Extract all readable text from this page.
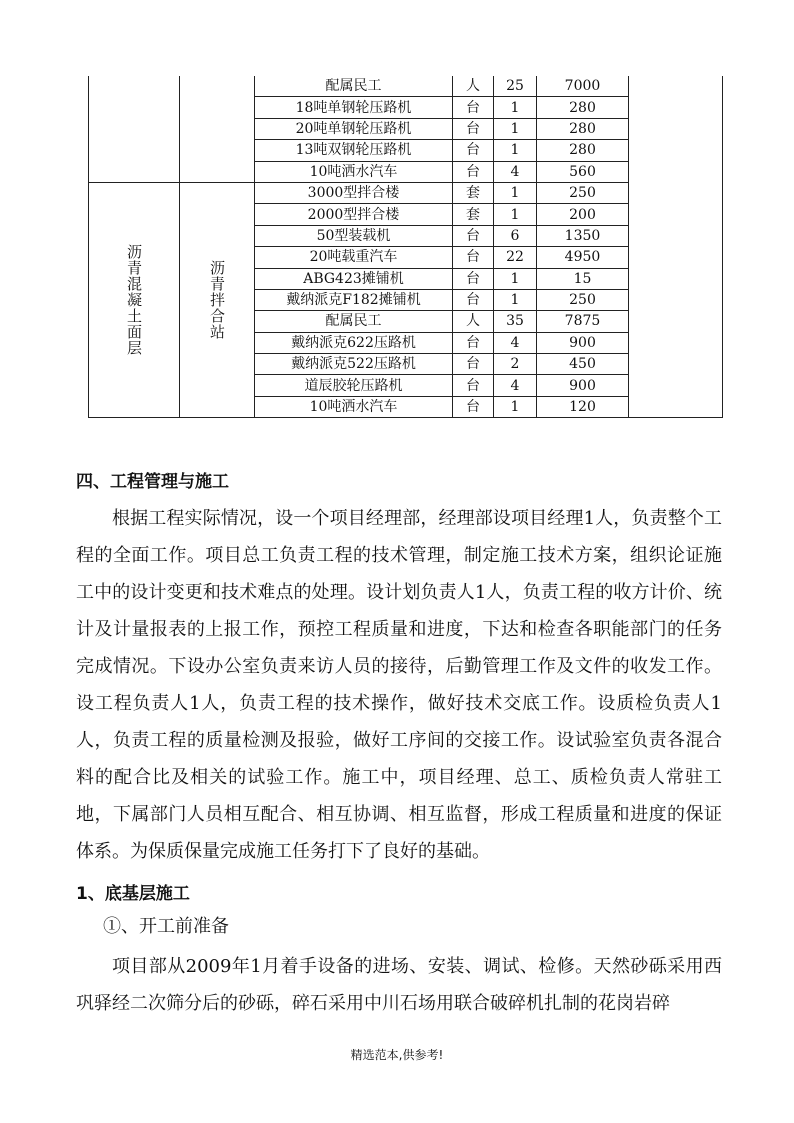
		配属民工	人	25	7000
		18吨单钢轮压路机	台	1	280
		20吨单钢轮压路机	台	1	280
		13吨双钢轮压路机	台	1	280
		10吨洒水汽车	台	4	560
沥青混凝土面层	沥青拌合站	3000型拌合楼	套	1	250
		2000型拌合楼	套	1	200
		50型装载机	台	6	1350
		20吨载重汽车	台	22	4950
		ABG423摊铺机	台	1	15
		戴纳派克F182摊铺机	台	1	250
		配属民工	人	35	7875
		戴纳派克622压路机	台	4	900
		戴纳派克522压路机	台	2	450
		道辰胶轮压路机	台	4	900
		10吨洒水汽车	台	1	120
四、工程管理与施工

根据工程实际情况，设一个项目经理部，经理部设项目经理1人，负责整个工程的全面工作。项目总工负责工程的技术管理，制定施工技术方案，组织论证施工中的设计变更和技术难点的处理。设计划负责人1人，负责工程的收方计价、统计及计量报表的上报工作，预控工程质量和进度，下达和检查各职能部门的任务完成情况。下设办公室负责来访人员的接待，后勤管理工作及文件的收发工作。设工程负责人1人，负责工程的技术操作，做好技术交底工作。设质检负责人1人，负责工程的质量检测及报验，做好工序间的交接工作。设试验室负责各混合料的配合比及相关的试验工作。施工中，项目经理、总工、质检负责人常驻工地，下属部门人员相互配合、相互协调、相互监督，形成工程质量和进度的保证体系。为保质保量完成施工任务打下了良好的基础。

1、底基层施工

①、开工前准备

项目部从2009年1月着手设备的进场、安装、调试、检修。天然砂砾采用西巩驿经二次筛分后的砂砾，碎石采用中川石场用联合破碎机扎制的花岗岩碎

精选范本,供参考!
